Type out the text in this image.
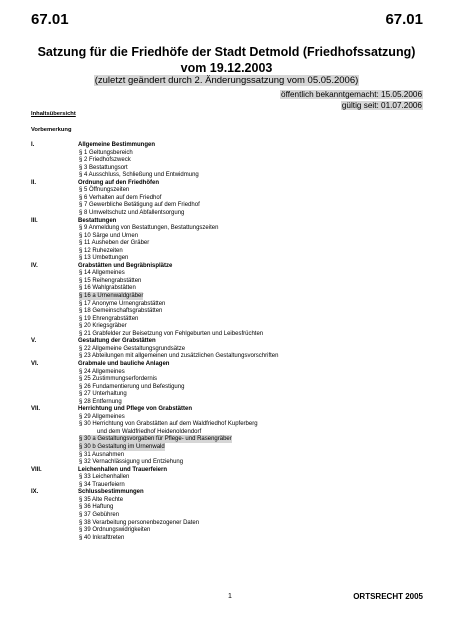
67.01	67.01
Satzung für die Friedhöfe der Stadt Detmold (Friedhofssatzung)
vom 19.12.2003
(zuletzt geändert durch 2. Änderungssatzung vom 05.05.2006)
öffentlich bekanntgemacht: 15.05.2006
gültig seit: 01.07.2006
Inhaltsübersicht
Vorbemerkung
I.	Allgemeine Bestimmungen
§ 1 Geltungsbereich
§ 2 Friedhofszweck
§ 3 Bestattungsort
§ 4 Ausschluss, Schließung und Entwidmung
II.	Ordnung auf den Friedhöfen
§ 5 Öffnungszeiten
§ 6 Verhalten auf dem Friedhof
§ 7 Gewerbliche Betätigung auf dem Friedhof
§ 8 Umweltschutz und Abfallentsorgung
III.	Bestattungen
§ 9 Anmeldung von Bestattungen, Bestattungszeiten
§ 10 Särge und Urnen
§ 11 Ausheben der Gräber
§ 12 Ruhezeiten
§ 13 Umbettungen
IV.	Grabstätten und Begräbnisplätze
§ 14 Allgemeines
§ 15 Reihengrabstätten
§ 16 Wahlgrabstätten
§ 16 a Urnenwaldgräber
§ 17 Anonyme Urnengrabstätten
§ 18 Gemeinschaftsgrabstätten
§ 19 Ehrengrabstätten
§ 20 Kriegsgräber
§ 21 Grabfelder zur Beisetzung von Fehlgeburten und Leibesfrüchten
V.	Gestaltung der Grabstätten
§ 22 Allgemeine Gestaltungsgrundsätze
§ 23 Abteilungen mit allgemeinen und zusätzlichen Gestaltungsvorschriften
VI.	Grabmale und bauliche Anlagen
§ 24 Allgemeines
§ 25 Zustimmungserfordernis
§ 26 Fundamentierung und Befestigung
§ 27 Unterhaltung
§ 28 Entfernung
VII.	Herrichtung und Pflege von Grabstätten
§ 29 Allgemeines
§ 30 Herrichtung von Grabstätten auf dem Waldfriedhof Kupferberg
und dem Waldfriedhof Heidenoldendorf
§ 30 a Gestaltungsvorgaben für Pflege- und Rasengräber
§ 30 b Gestaltung im Urnenwald
§ 31 Ausnahmen
§ 32 Vernachlässigung und Entziehung
VIII.	Leichenhallen und Trauerfeiern
§ 33 Leichenhallen
§ 34 Trauerfeiern
IX.	Schlussbestimmungen
§ 35 Alte Rechte
§ 36 Haftung
§ 37 Gebühren
§ 38 Verarbeitung personenbezogener Daten
§ 39 Ordnungswidrigkeiten
§ 40 Inkrafttreten
1	ORTSRECHT 2005
